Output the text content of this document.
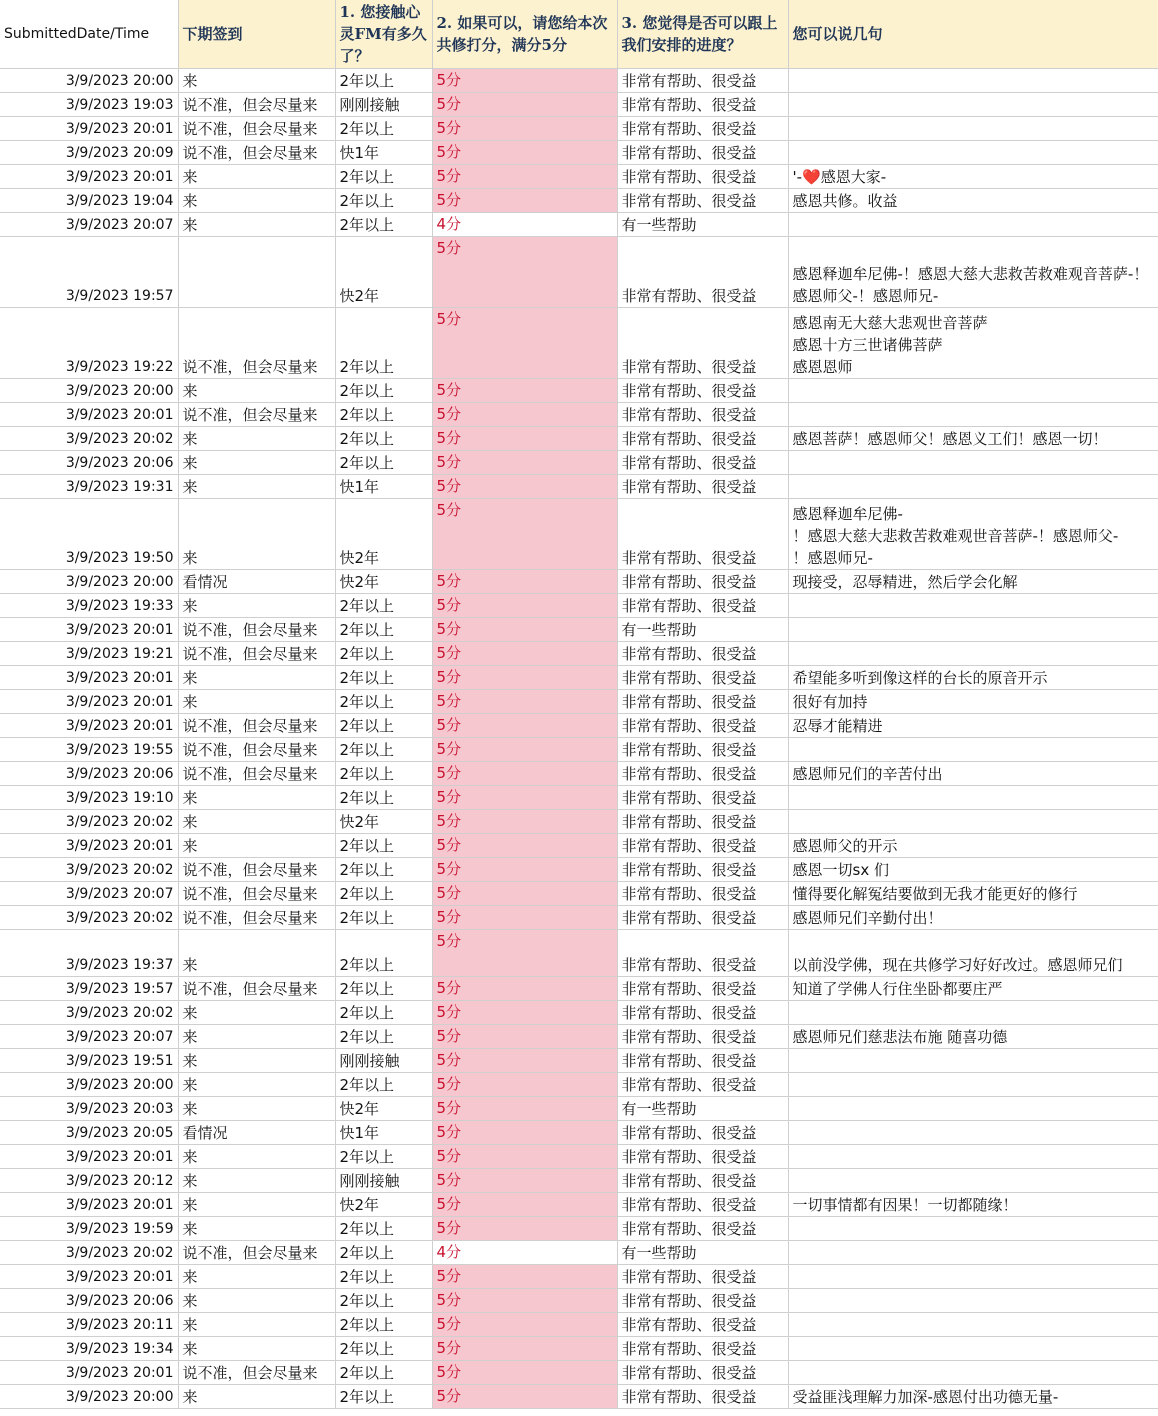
SubmittedDate/Time	下期签到	1. 您接触心灵FM有多久了？	2. 如果可以，请您给本次共修打分，满分5分	3. 您觉得是否可以跟上我们安排的进度？	您可以说几句
3/9/2023 20:00	来	2年以上	5分	非常有帮助、很受益	
3/9/2023 19:03	说不准，但会尽量来	刚刚接触	5分	非常有帮助、很受益	
3/9/2023 20:01	说不准，但会尽量来	2年以上	5分	非常有帮助、很受益	
3/9/2023 20:09	说不准，但会尽量来	快1年	5分	非常有帮助、很受益	
3/9/2023 20:01	来	2年以上	5分	非常有帮助、很受益	'-❤️感恩大家-
3/9/2023 19:04	来	2年以上	5分	非常有帮助、很受益	感恩共修。收益
3/9/2023 20:07	来	2年以上	4分	有一些帮助	
3/9/2023 19:57		快2年	5分	非常有帮助、很受益	感恩释迦牟尼佛-！感恩大慈大悲救苦救难观音菩萨-！感恩师父-！感恩师兄-
3/9/2023 19:22	说不准，但会尽量来	2年以上	5分	非常有帮助、很受益	感恩南无大慈大悲观世音菩萨
感恩十方三世诸佛菩萨
感恩恩师
3/9/2023 20:00	来	2年以上	5分	非常有帮助、很受益	
3/9/2023 20:01	说不准，但会尽量来	2年以上	5分	非常有帮助、很受益	
3/9/2023 20:02	来	2年以上	5分	非常有帮助、很受益	感恩菩萨！感恩师父！感恩义工们！感恩一切！
3/9/2023 20:06	来	2年以上	5分	非常有帮助、很受益	
3/9/2023 19:31	来	快1年	5分	非常有帮助、很受益	
3/9/2023 19:50	来	快2年	5分	非常有帮助、很受益	感恩释迦牟尼佛-
！感恩大慈大悲救苦救难观世音菩萨-！感恩师父-
！感恩师兄-
3/9/2023 20:00	看情况	快2年	5分	非常有帮助、很受益	现接受，忍辱精进，然后学会化解
3/9/2023 19:33	来	2年以上	5分	非常有帮助、很受益	
3/9/2023 20:01	说不准，但会尽量来	2年以上	5分	有一些帮助	
3/9/2023 19:21	说不准，但会尽量来	2年以上	5分	非常有帮助、很受益	
3/9/2023 20:01	来	2年以上	5分	非常有帮助、很受益	希望能多听到像这样的台长的原音开示
3/9/2023 20:01	来	2年以上	5分	非常有帮助、很受益	很好有加持
3/9/2023 20:01	说不准，但会尽量来	2年以上	5分	非常有帮助、很受益	忍辱才能精进
3/9/2023 19:55	说不准，但会尽量来	2年以上	5分	非常有帮助、很受益	
3/9/2023 20:06	说不准，但会尽量来	2年以上	5分	非常有帮助、很受益	感恩师兄们的辛苦付出
3/9/2023 19:10	来	2年以上	5分	非常有帮助、很受益	
3/9/2023 20:02	来	快2年	5分	非常有帮助、很受益	
3/9/2023 20:01	来	2年以上	5分	非常有帮助、很受益	感恩师父的开示
3/9/2023 20:02	说不准，但会尽量来	2年以上	5分	非常有帮助、很受益	感恩一切sx 们
3/9/2023 20:07	说不准，但会尽量来	2年以上	5分	非常有帮助、很受益	懂得要化解冤结要做到无我才能更好的修行
3/9/2023 20:02	说不准，但会尽量来	2年以上	5分	非常有帮助、很受益	感恩师兄们辛勤付出！
3/9/2023 19:37	来	2年以上	5分	非常有帮助、很受益	以前没学佛，现在共修学习好好改过。感恩师兄们
3/9/2023 19:57	说不准，但会尽量来	2年以上	5分	非常有帮助、很受益	知道了学佛人行住坐卧都要庄严
3/9/2023 20:02	来	2年以上	5分	非常有帮助、很受益	
3/9/2023 20:07	来	2年以上	5分	非常有帮助、很受益	感恩师兄们慈悲法布施 随喜功德
3/9/2023 19:51	来	刚刚接触	5分	非常有帮助、很受益	
3/9/2023 20:00	来	2年以上	5分	非常有帮助、很受益	
3/9/2023 20:03	来	快2年	5分	有一些帮助	
3/9/2023 20:05	看情况	快1年	5分	非常有帮助、很受益	
3/9/2023 20:01	来	2年以上	5分	非常有帮助、很受益	
3/9/2023 20:12	来	刚刚接触	5分	非常有帮助、很受益	
3/9/2023 20:01	来	快2年	5分	非常有帮助、很受益	一切事情都有因果！一切都随缘！
3/9/2023 19:59	来	2年以上	5分	非常有帮助、很受益	
3/9/2023 20:02	说不准，但会尽量来	2年以上	4分	有一些帮助	
3/9/2023 20:01	来	2年以上	5分	非常有帮助、很受益	
3/9/2023 20:06	来	2年以上	5分	非常有帮助、很受益	
3/9/2023 20:11	来	2年以上	5分	非常有帮助、很受益	
3/9/2023 19:34	来	2年以上	5分	非常有帮助、很受益	
3/9/2023 20:01	说不准，但会尽量来	2年以上	5分	非常有帮助、很受益	
3/9/2023 20:00	来	2年以上	5分	非常有帮助、很受益	受益匪浅理解力加深-感恩付出功德无量-
